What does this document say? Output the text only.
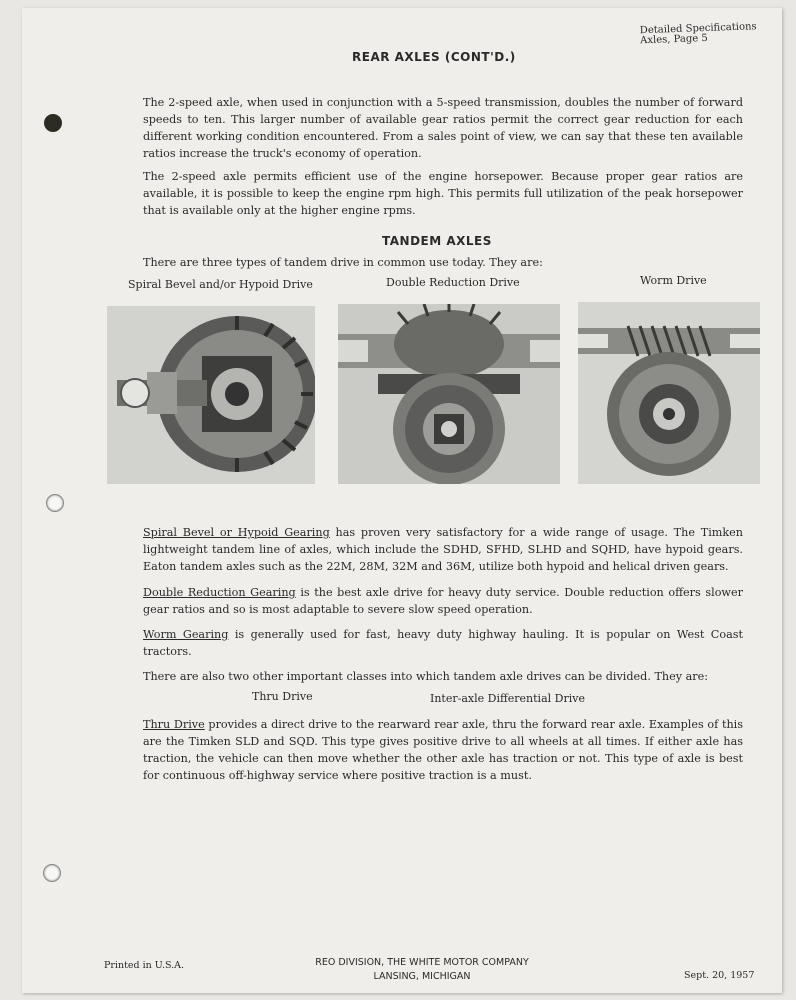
Detailed Specifications
Axles, Page 5
REAR AXLES (CONT'D.)
The 2-speed axle, when used in conjunction with a 5-speed transmission, doubles the number of forward speeds to ten. This larger number of available gear ratios permit the correct gear reduction for each different working condition encountered. From a sales point of view, we can say that these ten available ratios increase the truck's economy of operation.
The 2-speed axle permits efficient use of the engine horsepower. Because proper gear ratios are available, it is possible to keep the engine rpm high. This permits full utilization of the peak horsepower that is available only at the higher engine rpms.
TANDEM AXLES
There are three types of tandem drive in common use today. They are:
Spiral Bevel and/or Hypoid Drive	Double Reduction Drive	Worm Drive
Spiral Bevel or Hypoid Gearing has proven very satisfactory for a wide range of usage. The Timken lightweight tandem line of axles, which include the SDHD, SFHD, SLHD and SQHD, have hypoid gears. Eaton tandem axles such as the 22M, 28M, 32M and 36M, utilize both hypoid and helical driven gears.
Double Reduction Gearing is the best axle drive for heavy duty service. Double reduction offers slower gear ratios and so is most adaptable to severe slow speed operation.
Worm Gearing is generally used for fast, heavy duty highway hauling. It is popular on West Coast tractors.
There are also two other important classes into which tandem axle drives can be divided. They are:
Thru Drive	Inter-axle Differential Drive
Thru Drive provides a direct drive to the rearward rear axle, thru the forward rear axle. Examples of this are the Timken SLD and SQD. This type gives positive drive to all wheels at all times. If either axle has traction, the vehicle can then move whether the other axle has traction or not. This type of axle is best for continuous off-highway service where positive traction is a must.
Printed in U.S.A.	REO DIVISION, THE WHITE MOTOR COMPANY
LANSING, MICHIGAN	Sept. 20, 1957
